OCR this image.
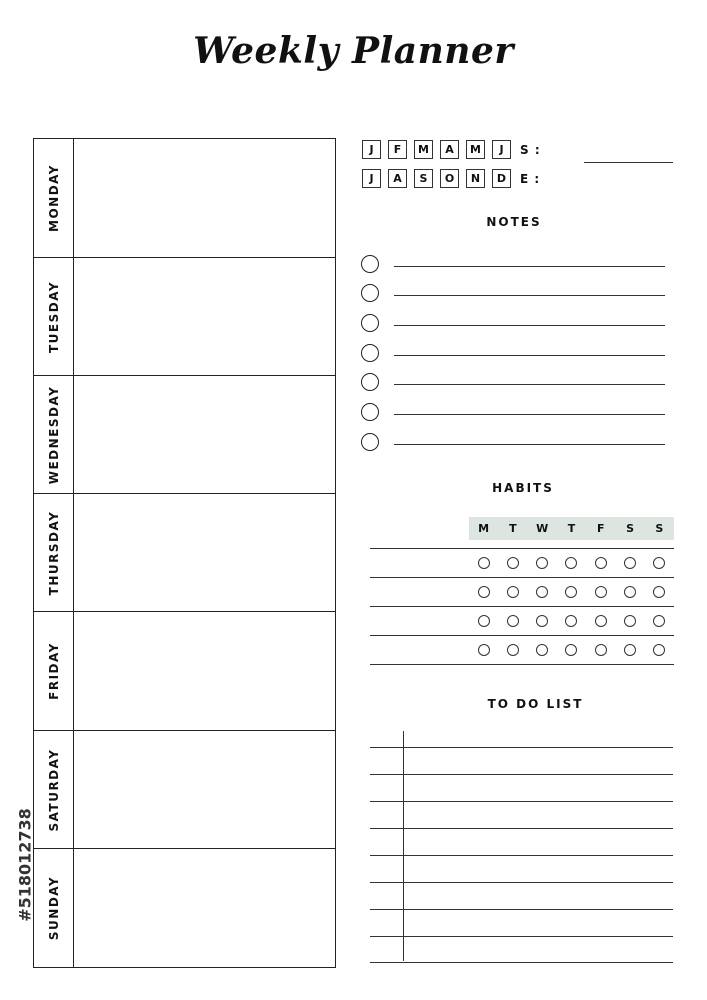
Weekly Planner
MONDAY
TUESDAY
WEDNESDAY
THURSDAY
FRIDAY
SATURDAY
SUNDAY
J	F	M	A	M	J	S :
J	A	S	O	N	D	E :
NOTES
HABITS
M	T	W	T	F	S	S
TO DO LIST
#518012738
